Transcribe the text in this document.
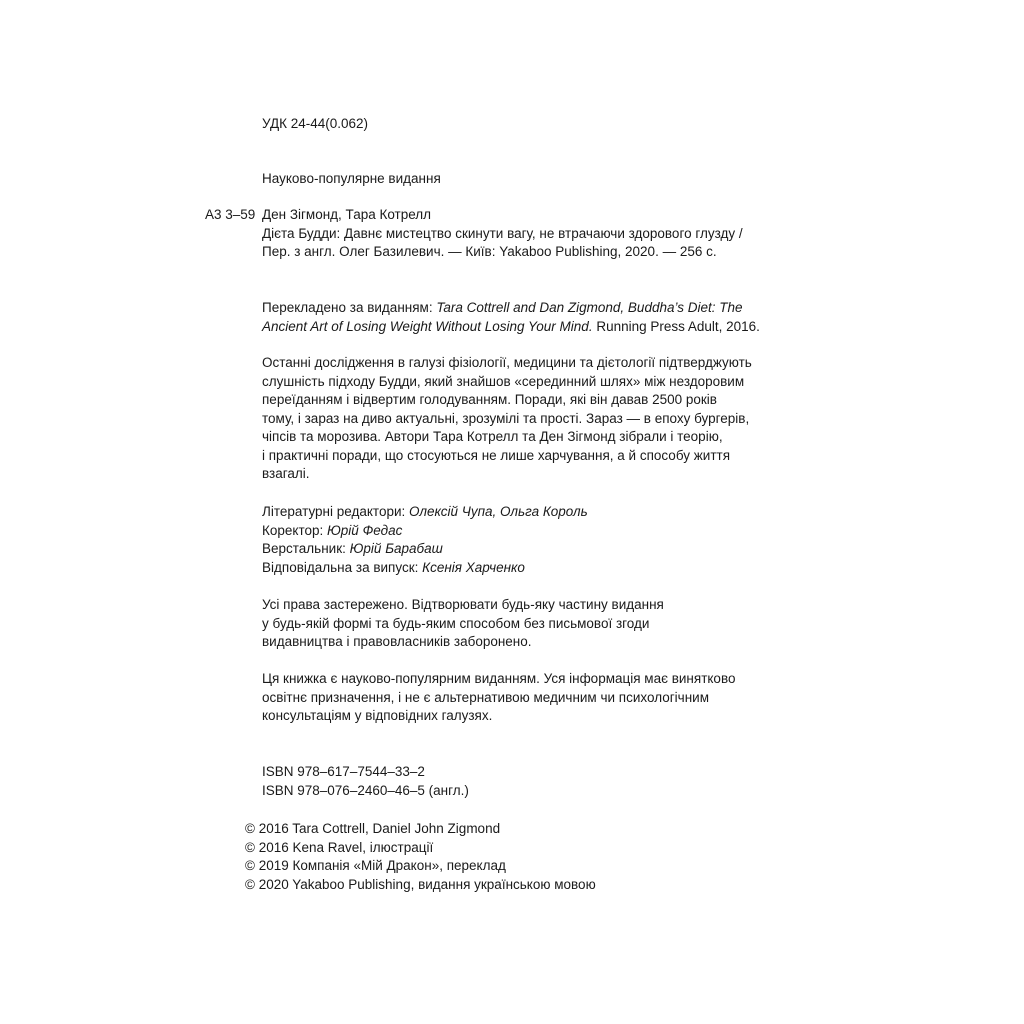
УДК 24-44(0.062)
Науково-популярне видання
А3 3–59 Ден Зігмонд, Тара Котрелл
Дієта Будди: Давнє мистецтво скинути вагу, не втрачаючи здорового глузду /
Пер. з англ. Олег Базилевич. — Київ: Yakaboo Publishing, 2020. — 256 с.
Перекладено за виданням: Tara Cottrell and Dan Zigmond, Buddha’s Diet: The
Ancient Art of Losing Weight Without Losing Your Mind. Running Press Adult, 2016.
Останні дослідження в галузі фізіології, медицини та дієтології підтверджують
слушність підходу Будди, який знайшов «серединний шлях» між нездоровим
переїданням і відвертим голодуванням. Поради, які він давав 2500 років
тому, і зараз на диво актуальні, зрозумілі та прості. Зараз — в епоху бургерів,
чіпсів та морозива. Автори Тара Котрелл та Ден Зігмонд зібрали і теорію,
і практичні поради, що стосуються не лише харчування, а й способу життя
взагалі.
Літературні редактори: Олексій Чупа, Ольга Король
Коректор: Юрій Федас
Верстальник: Юрій Барабаш
Відповідальна за випуск: Ксенія Харченко
Усі права застережено. Відтворювати будь-яку частину видання
у будь-якій формі та будь-яким способом без письмової згоди
видавництва і правовласників заборонено.
Ця книжка є науково-популярним виданням. Уся інформація має винятково
освітнє призначення, і не є альтернативою медичним чи психологічним
консультаціям у відповідних галузях.
ISBN 978–617–7544–33–2
ISBN 978–076–2460–46–5 (англ.)
© 2016 Tara Cottrell, Daniel John Zigmond
© 2016 Kena Ravel, ілюстрації
© 2019 Компанія «Мій Дракон», переклад
© 2020 Yakaboo Publishing, видання українською мовою
